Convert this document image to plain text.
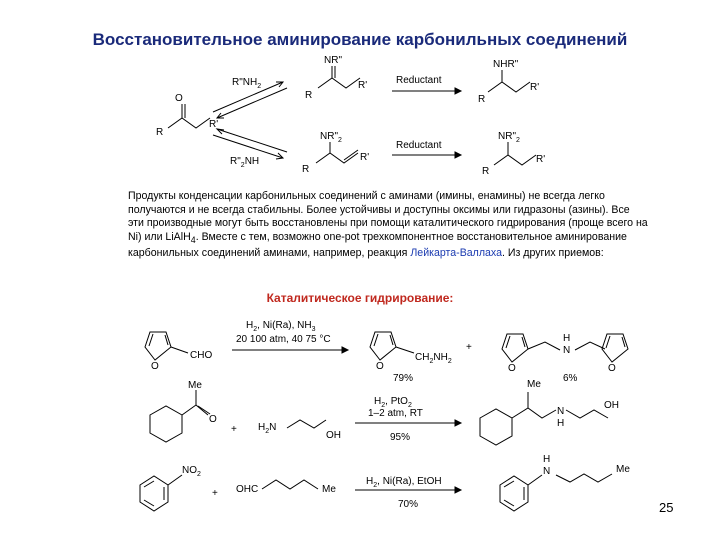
Восстановительное аминирование карбонильных соединений
O
R
R'
$R"NH_2$
$R"_2NH$
NR"
R
R'	Reductant
Reductant
NHR"
R
R'
$NR"_2$
R
R'
$NR"_2$
R
R'
$H_2$, Ni(Ra), $NH_3$
20 100 atm, 40 75 °C
O
CHO
O
$CH_2NH_2$
+
H
N
O	O
79%	6%
Me
O
+ $H_2N$
OH
$H_2$, PtO$_2$
1–2 atm, RT
95%
Me
N
H
OH
$NO_2$
+ OHC	Me
$H_2$, Ni(Ra), EtOH
70%
H
N	Me
Продукты конденсации карбонильных соединений с аминами (имины, енамины) не всегда легко получаются и не всегда стабильны. Более устойчивы и доступны оксимы или гидразоны (азины). Все эти производные могут быть восстановлены при помощи каталитического гидрирования (проще всего на Ni) или LiAlH$_4$. Вместе с тем, возможно one-pot трехкомпонентное восстановительное аминирование карбонильных соединений аминами, например, реакция Лейкарта-Валлаха. Из других приемов:
Каталитическое гидрирование:
25
